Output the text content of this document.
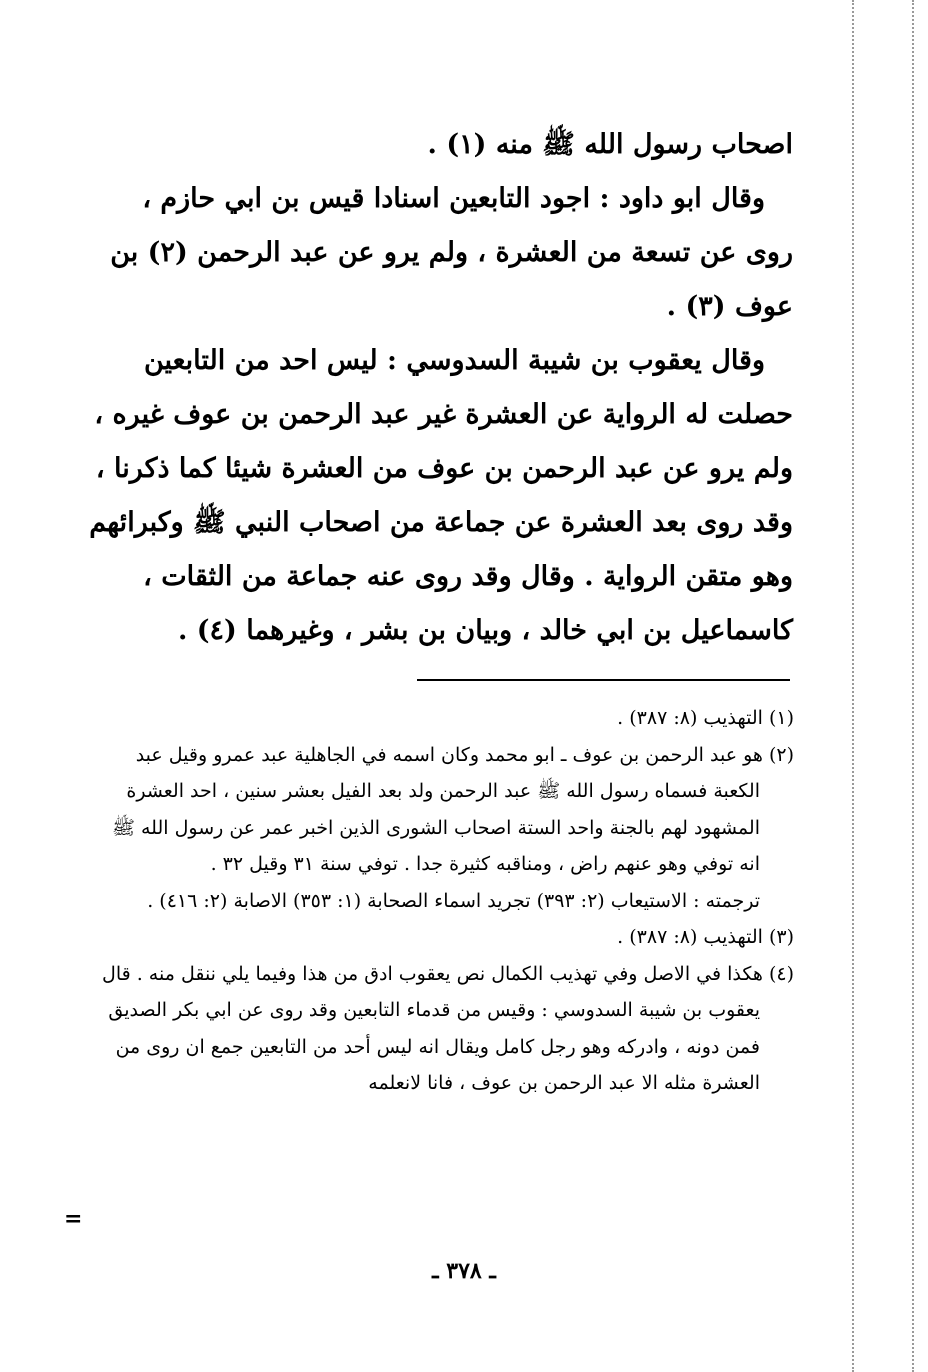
اصحاب رسول الله ﷺ منه (١) .

وقال ابو داود : اجود التابعين اسنادا قيس بن ابي حازم ، روى عن تسعة من العشرة ، ولم يرو عن عبد الرحمن (٢) بن عوف (٣) .

وقال يعقوب بن شيبة السدوسي : ليس احد من التابعين حصلت له الرواية عن العشرة غير عبد الرحمن بن عوف غيره ، ولم يرو عن عبد الرحمن بن عوف من العشرة شيئا كما ذكرنا ، وقد روى بعد العشرة عن جماعة من اصحاب النبي ﷺ وكبرائهم وهو متقن الرواية . وقال وقد روى عنه جماعة من الثقات ، كاسماعيل بن ابي خالد ، وبيان بن بشر ، وغيرهما (٤) .

(١) التهذيب (٨: ٣٨٧) .

(٢) هو عبد الرحمن بن عوف ـ ابو محمد وكان اسمه في الجاهلية عبد عمرو وقيل عبد الكعبة فسماه رسول الله ﷺ عبد الرحمن ولد بعد الفيل بعشر سنين ، احد العشرة المشهود لهم بالجنة واحد الستة اصحاب الشورى الذين اخبر عمر عن رسول الله ﷺ انه توفي وهو عنهم راض ، ومناقبه كثيرة جدا . توفي سنة ٣١ وقيل ٣٢ .

ترجمته : الاستيعاب (٢: ٣٩٣) تجريد اسماء الصحابة (١: ٣٥٣) الاصابة (٢: ٤١٦) .

(٣) التهذيب (٨: ٣٨٧) .

(٤) هكذا في الاصل وفي تهذيب الكمال نص يعقوب ادق من هذا وفيما يلي ننقل منه . قال يعقوب بن شيبة السدوسي : وقيس من قدماء التابعين وقد روى عن ابي بكر الصديق فمن دونه ، وادركه وهو رجل كامل ويقال انه ليس أحد من التابعين جمع ان روى من العشرة مثله الا عبد الرحمن بن عوف ، فانا لانعلمه

=
ـ ٣٧٨ ـ
